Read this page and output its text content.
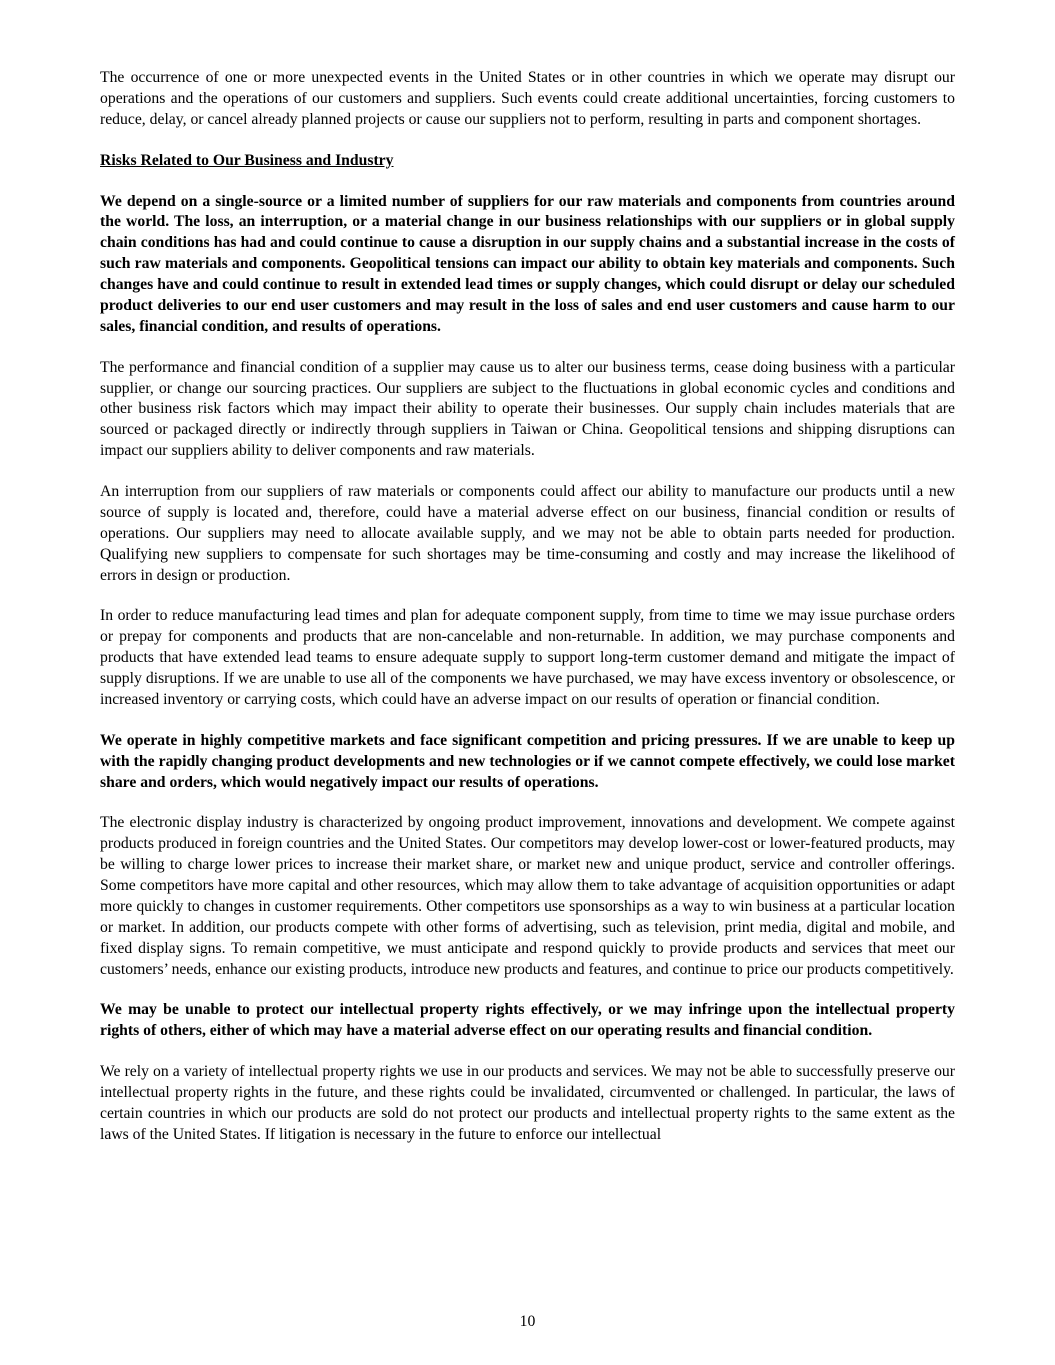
The occurrence of one or more unexpected events in the United States or in other countries in which we operate may disrupt our operations and the operations of our customers and suppliers. Such events could create additional uncertainties, forcing customers to reduce, delay, or cancel already planned projects or cause our suppliers not to perform, resulting in parts and component shortages.

Risks Related to Our Business and Industry

We depend on a single-source or a limited number of suppliers for our raw materials and components from countries around the world. The loss, an interruption, or a material change in our business relationships with our suppliers or in global supply chain conditions has had and could continue to cause a disruption in our supply chains and a substantial increase in the costs of such raw materials and components. Geopolitical tensions can impact our ability to obtain key materials and components. Such changes have and could continue to result in extended lead times or supply changes, which could disrupt or delay our scheduled product deliveries to our end user customers and may result in the loss of sales and end user customers and cause harm to our sales, financial condition, and results of operations.

The performance and financial condition of a supplier may cause us to alter our business terms, cease doing business with a particular supplier, or change our sourcing practices. Our suppliers are subject to the fluctuations in global economic cycles and conditions and other business risk factors which may impact their ability to operate their businesses. Our supply chain includes materials that are sourced or packaged directly or indirectly through suppliers in Taiwan or China. Geopolitical tensions and shipping disruptions can impact our suppliers ability to deliver components and raw materials.

An interruption from our suppliers of raw materials or components could affect our ability to manufacture our products until a new source of supply is located and, therefore, could have a material adverse effect on our business, financial condition or results of operations. Our suppliers may need to allocate available supply, and we may not be able to obtain parts needed for production. Qualifying new suppliers to compensate for such shortages may be time-consuming and costly and may increase the likelihood of errors in design or production.

In order to reduce manufacturing lead times and plan for adequate component supply, from time to time we may issue purchase orders or prepay for components and products that are non-cancelable and non-returnable. In addition, we may purchase components and products that have extended lead teams to ensure adequate supply to support long-term customer demand and mitigate the impact of supply disruptions. If we are unable to use all of the components we have purchased, we may have excess inventory or obsolescence, or increased inventory or carrying costs, which could have an adverse impact on our results of operation or financial condition.

We operate in highly competitive markets and face significant competition and pricing pressures. If we are unable to keep up with the rapidly changing product developments and new technologies or if we cannot compete effectively, we could lose market share and orders, which would negatively impact our results of operations.

The electronic display industry is characterized by ongoing product improvement, innovations and development. We compete against products produced in foreign countries and the United States. Our competitors may develop lower-cost or lower-featured products, may be willing to charge lower prices to increase their market share, or market new and unique product, service and controller offerings. Some competitors have more capital and other resources, which may allow them to take advantage of acquisition opportunities or adapt more quickly to changes in customer requirements. Other competitors use sponsorships as a way to win business at a particular location or market. In addition, our products compete with other forms of advertising, such as television, print media, digital and mobile, and fixed display signs. To remain competitive, we must anticipate and respond quickly to provide products and services that meet our customers’ needs, enhance our existing products, introduce new products and features, and continue to price our products competitively.

We may be unable to protect our intellectual property rights effectively, or we may infringe upon the intellectual property rights of others, either of which may have a material adverse effect on our operating results and financial condition.

We rely on a variety of intellectual property rights we use in our products and services. We may not be able to successfully preserve our intellectual property rights in the future, and these rights could be invalidated, circumvented or challenged. In particular, the laws of certain countries in which our products are sold do not protect our products and intellectual property rights to the same extent as the laws of the United States. If litigation is necessary in the future to enforce our intellectual

10
